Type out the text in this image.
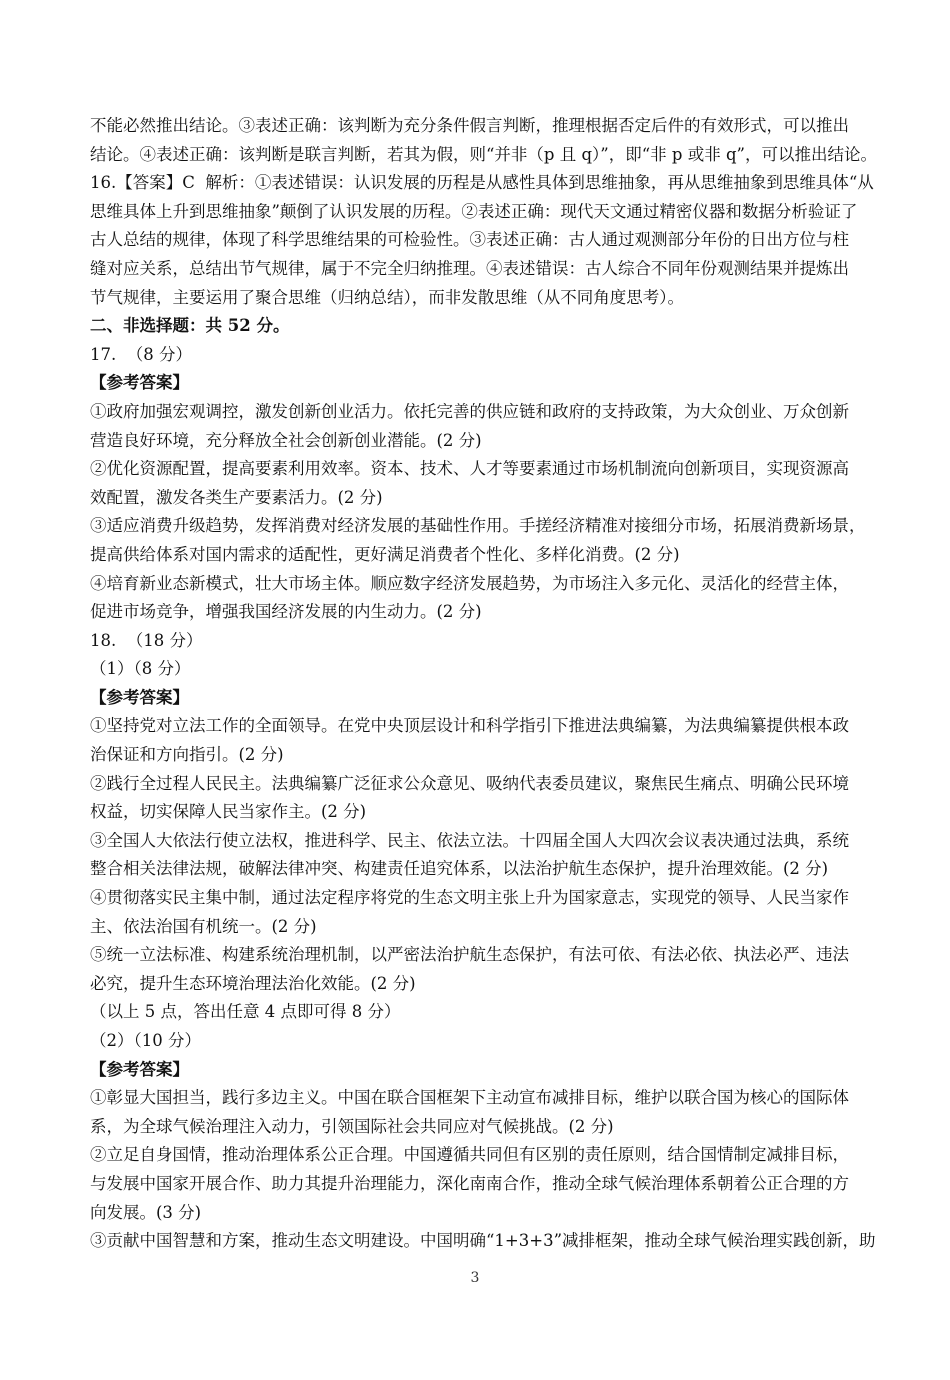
不能必然推出结论。③表述正确：该判断为充分条件假言判断，推理根据否定后件的有效形式，可以推出
结论。④表述正确：该判断是联言判断，若其为假，则“并非（p 且 q）”，即“非 p 或非 q”，可以推出结论。
16.【答案】C  解析：①表述错误：认识发展的历程是从感性具体到思维抽象，再从思维抽象到思维具体“从
思维具体上升到思维抽象”颠倒了认识发展的历程。②表述正确：现代天文通过精密仪器和数据分析验证了
古人总结的规律，体现了科学思维结果的可检验性。③表述正确：古人通过观测部分年份的日出方位与柱
缝对应关系，总结出节气规律，属于不完全归纳推理。④表述错误：古人综合不同年份观测结果并提炼出
节气规律，主要运用了聚合思维（归纳总结），而非发散思维（从不同角度思考）。
二、非选择题：共 52 分。
17.  （8 分）
【参考答案】
①政府加强宏观调控，激发创新创业活力。依托完善的供应链和政府的支持政策，为大众创业、万众创新
营造良好环境，充分释放全社会创新创业潜能。(2 分)
②优化资源配置，提高要素利用效率。资本、技术、人才等要素通过市场机制流向创新项目，实现资源高
效配置，激发各类生产要素活力。(2 分)
③适应消费升级趋势，发挥消费对经济发展的基础性作用。手搓经济精准对接细分市场，拓展消费新场景，
提高供给体系对国内需求的适配性，更好满足消费者个性化、多样化消费。(2 分)
④培育新业态新模式，壮大市场主体。顺应数字经济发展趋势，为市场注入多元化、灵活化的经营主体，
促进市场竞争，增强我国经济发展的内生动力。(2 分)
18.  （18 分）
（1）（8 分）
【参考答案】
①坚持党对立法工作的全面领导。在党中央顶层设计和科学指引下推进法典编纂，为法典编纂提供根本政
治保证和方向指引。(2 分)
②践行全过程人民民主。法典编纂广泛征求公众意见、吸纳代表委员建议，聚焦民生痛点、明确公民环境
权益，切实保障人民当家作主。(2 分)
③全国人大依法行使立法权，推进科学、民主、依法立法。十四届全国人大四次会议表决通过法典，系统
整合相关法律法规，破解法律冲突、构建责任追究体系，以法治护航生态保护，提升治理效能。(2 分)
④贯彻落实民主集中制，通过法定程序将党的生态文明主张上升为国家意志，实现党的领导、人民当家作
主、依法治国有机统一。(2 分)
⑤统一立法标准、构建系统治理机制，以严密法治护航生态保护，有法可依、有法必依、执法必严、违法
必究，提升生态环境治理法治化效能。(2 分)
（以上 5 点，答出任意 4 点即可得 8 分）
（2）（10 分）
【参考答案】
①彰显大国担当，践行多边主义。中国在联合国框架下主动宣布减排目标，维护以联合国为核心的国际体
系，为全球气候治理注入动力，引领国际社会共同应对气候挑战。(2 分)
②立足自身国情，推动治理体系公正合理。中国遵循共同但有区别的责任原则，结合国情制定减排目标，
与发展中国家开展合作、助力其提升治理能力，深化南南合作，推动全球气候治理体系朝着公正合理的方
向发展。(3 分)
③贡献中国智慧和方案，推动生态文明建设。中国明确“1+3+3”减排框架，推动全球气候治理实践创新，助
3
